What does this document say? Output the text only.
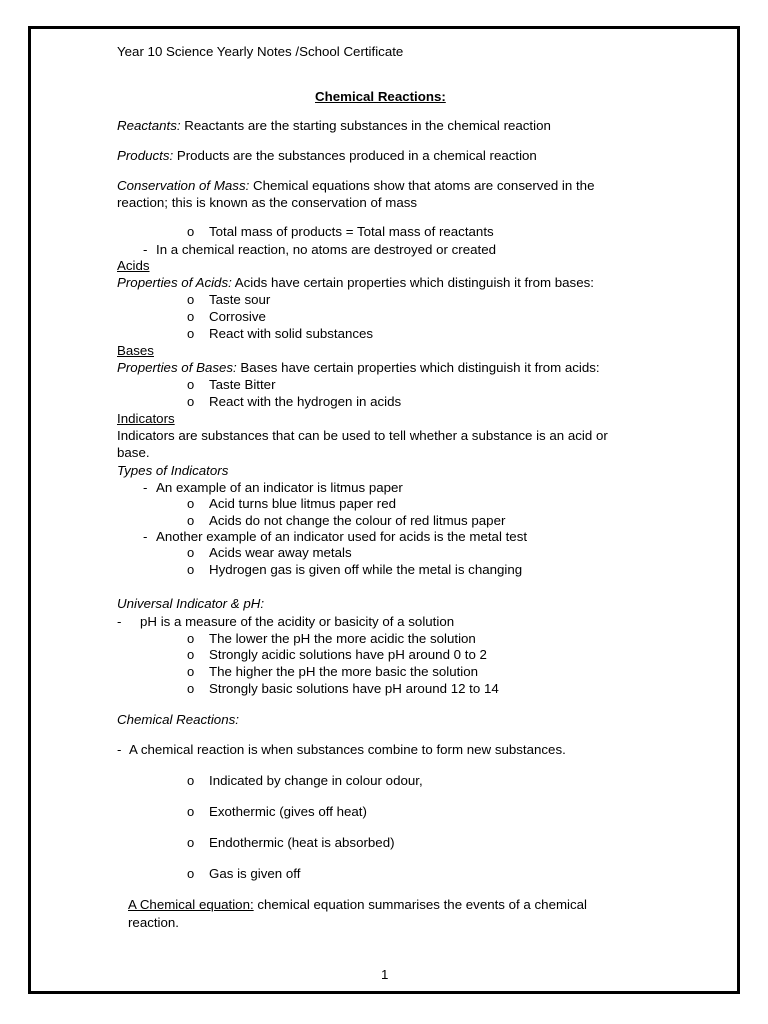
Year 10 Science Yearly Notes /School Certificate
Chemical Reactions:
Reactants: Reactants are the starting substances in the chemical reaction
Products: Products are the substances produced in a chemical reaction
Conservation of Mass: Chemical equations show that atoms are conserved in the
reaction; this is known as the conservation of mass
o Total mass of products = Total mass of reactants
- In a chemical reaction, no atoms are destroyed or created
Acids
Properties of Acids: Acids have certain properties which distinguish it from bases:
o Taste sour
o Corrosive
o React with solid substances
Bases
Properties of Bases: Bases have certain properties which distinguish it from acids:
o Taste Bitter
o React with the hydrogen in acids
Indicators
Indicators are substances that can be used to tell whether a substance is an acid or
base.
Types of Indicators
- An example of an indicator is litmus paper
o Acid turns blue litmus paper red
o Acids do not change the colour of red litmus paper
- Another example of an indicator used for acids is the metal test
o Acids wear away metals
o Hydrogen gas is given off while the metal is changing
Universal Indicator & pH:
- pH is a measure of the acidity or basicity of a solution
o The lower the pH the more acidic the solution
o Strongly acidic solutions have pH around 0 to 2
o The higher the pH the more basic the solution
o Strongly basic solutions have pH around 12 to 14
Chemical Reactions:
- A chemical reaction is when substances combine to form new substances.
o Indicated by change in colour odour,
o Exothermic (gives off heat)
o Endothermic (heat is absorbed)
o Gas is given off
A Chemical equation: chemical equation summarises the events of a chemical
reaction.
1
